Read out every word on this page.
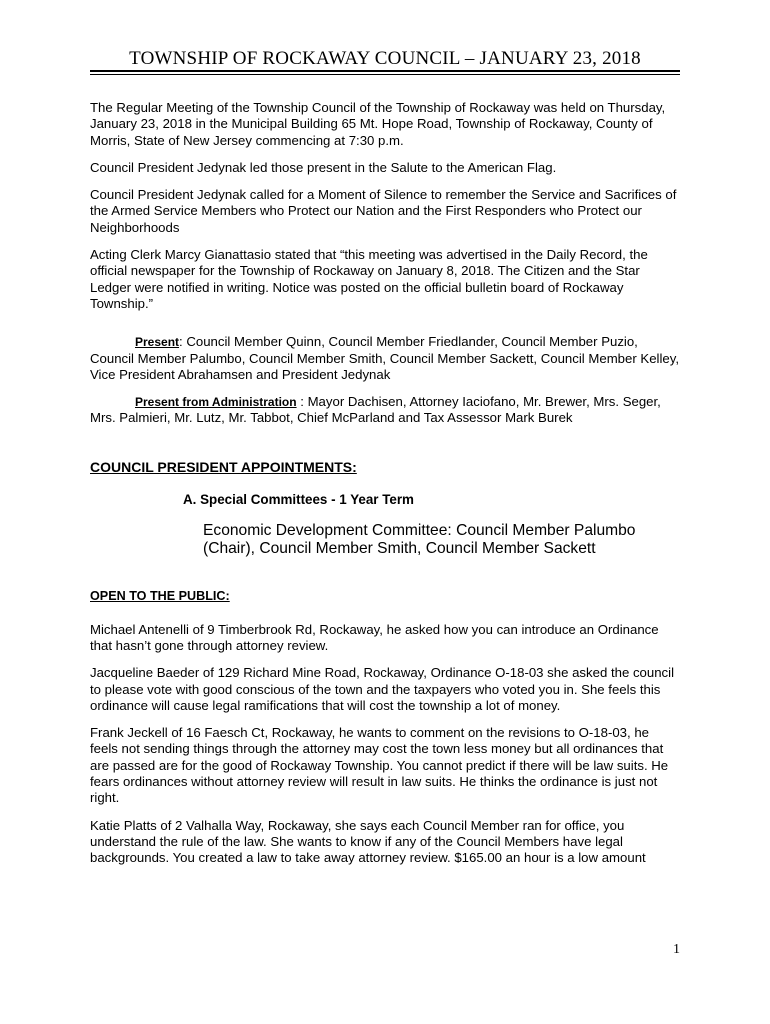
TOWNSHIP OF ROCKAWAY COUNCIL – JANUARY 23, 2018

The Regular Meeting of the Township Council of the Township of Rockaway was held on Thursday, January 23, 2018 in the Municipal Building 65 Mt. Hope Road, Township of Rockaway, County of Morris, State of New Jersey commencing at 7:30 p.m.

Council President Jedynak led those present in the Salute to the American Flag.

Council President Jedynak called for a Moment of Silence to remember the Service and Sacrifices of the Armed Service Members who Protect our Nation and the First Responders who Protect our Neighborhoods

Acting Clerk Marcy Gianattasio stated that “this meeting was advertised in the Daily Record, the official newspaper for the Township of Rockaway on January 8, 2018. The Citizen and the Star Ledger were notified in writing. Notice was posted on the official bulletin board of Rockaway Township.”

Present: Council Member Quinn, Council Member Friedlander, Council Member Puzio, Council Member Palumbo, Council Member Smith, Council Member Sackett, Council Member Kelley, Vice President Abrahamsen and President Jedynak

Present from Administration : Mayor Dachisen, Attorney Iaciofano, Mr. Brewer, Mrs. Seger, Mrs. Palmieri, Mr. Lutz, Mr. Tabbot, Chief McParland and Tax Assessor Mark Burek

COUNCIL PRESIDENT APPOINTMENTS:

A. Special Committees - 1 Year Term

Economic Development Committee: Council Member Palumbo (Chair), Council Member Smith, Council Member Sackett

OPEN TO THE PUBLIC:

Michael Antenelli of 9 Timberbrook Rd, Rockaway, he asked how you can introduce an Ordinance that hasn’t gone through attorney review.

Jacqueline Baeder of 129 Richard Mine Road, Rockaway, Ordinance O-18-03 she asked the council to please vote with good conscious of the town and the taxpayers who voted you in. She feels this ordinance will cause legal ramifications that will cost the township a lot of money.

Frank Jeckell of 16 Faesch Ct, Rockaway, he wants to comment on the revisions to O-18-03, he feels not sending things through the attorney may cost the town less money but all ordinances that are passed are for the good of Rockaway Township. You cannot predict if there will be law suits. He fears ordinances without attorney review will result in law suits. He thinks the ordinance is just not right.

Katie Platts of 2 Valhalla Way, Rockaway, she says each Council Member ran for office, you understand the rule of the law. She wants to know if any of the Council Members have legal backgrounds. You created a law to take away attorney review. $165.00 an hour is a low amount

1
